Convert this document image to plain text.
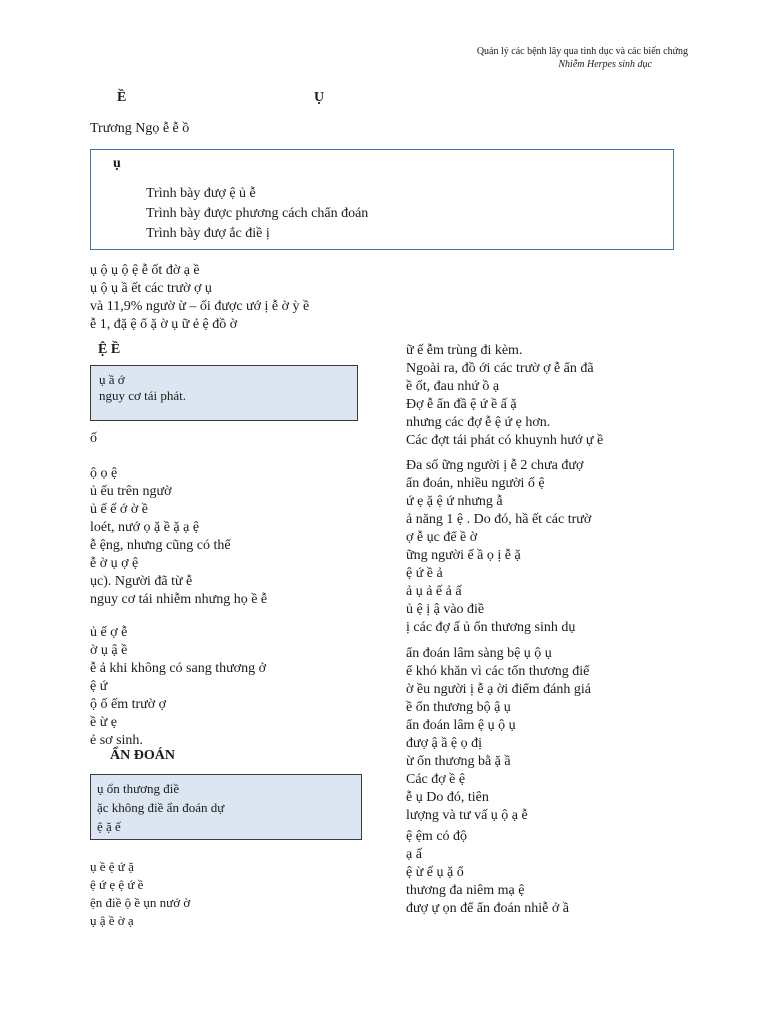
Quản lý các bệnh lây qua tình dục và các biến chứng
Nhiễm Herpes sinh dục
Ề	Ụ
Trương Ngọ ễ ễ ồ
ụ
Trình bày đượ ệ ủ ễ
Trình bày được phương cách chẩn đoán
Trình bày đượ ắc điề ị
ụ ộ ụ ộ ệ ễ ốt đờ ạ ề
ụ ộ ụ ầ ết các trườ ợ ụ
và 11,9% ngườ ừ – ối được ướ ị ễ ờ ỳ ề
ễ 1, đặ ệ ổ ặ ờ ụ ữ ẻ ệ đồ ờ
Ệ Ề
ụ ầ ớ
nguy cơ tái phát.
ố
ộ ọ ệ
ủ ếu trên ngườ
ủ ế ế ớ ờ ề
loét, nướ ọ ặ ề ặ ạ ệ
ễ ệng, nhưng cũng có thể
ễ ờ ụ ợ ệ
ục). Người đã từ ễ
nguy cơ tái nhiễm nhưng họ ề ễ
ủ ế ợ ễ
ờ ụ ậ ề
ễ ả khi không có sang thương ở
ệ ứ
ộ ố ếm trườ ợ
ề ừ ẹ
ẻ sơ sinh.
ẨN ĐOÁN
ụ ổn thương điề
ặc không điề ẩn đoán dự
ệ ặ ế
ụ ề ệ ứ ặ
ệ ứ ẹ ệ ứ ề
ện điề ộ ề ụn nướ ờ
ụ ậ ề ờ ạ
ữ ế ễm trùng đi kèm.
Ngoài ra, đồ ới các trườ ợ ễ ẩn đã
ề ốt, đau nhứ ồ ạ
Đợ ễ ẩn đầ ệ ứ ề ấ ặ
nhưng các đợ ễ ệ ứ ẹ hơn.
Các đợt tái phát có khuynh hướ ự ề
Đa số ững người ị ễ 2 chưa đượ
ẩn đoán, nhiều người ố ệ
ứ ẹ ặ ệ ứ nhưng ẫ
ả năng 1 ệ . Do đó, hầ ết các trườ
ợ ễ ục để ề ờ
ững người ế ầ ọ ị ễ ặ
ệ ứ ề ả
ả ụ ả ế ả ấ
ủ ệ ị ậ vào điề
ị các đợ ấ ủ ổn thương sinh dụ
ẩn đoán lâm sàng bệ ụ ộ ụ
ể khó khăn vì các tổn thương điể
ờ ều người ị ễ ạ ời điểm đánh giá
ề ổn thương bộ ậ ụ
ẩn đoán lâm ệ ụ ộ ụ
đượ ậ ầ ệ ọ đị
ừ ổn thương bằ ặ ầ
Các đợ ề ệ
ễ ụ Do đó, tiên
lượng và tư vấ ụ ộ ạ ễ
ệ ệm có độ
ạ ấ
ệ ừ ế ụ ặ ổ
thương đa niêm mạ ệ
đượ ự ọn để ẩn đoán nhiễ ở ầ
